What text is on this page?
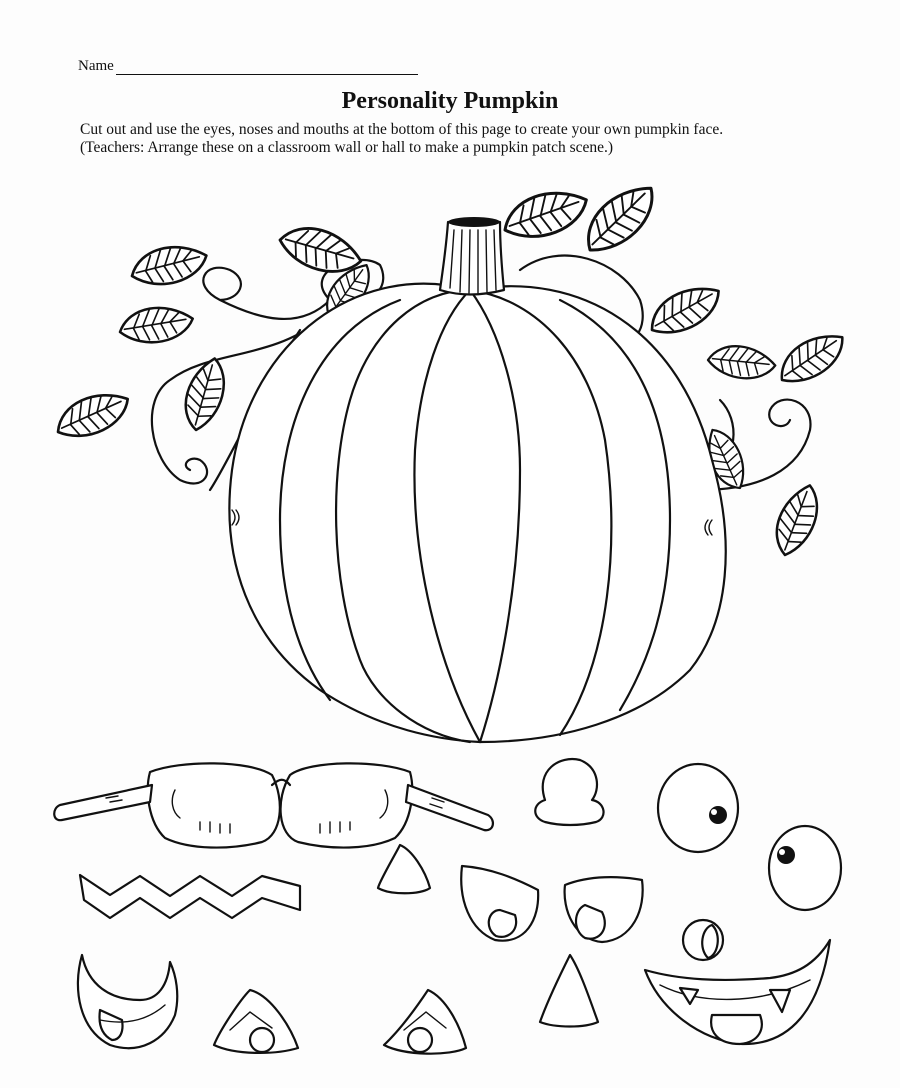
Name
Personality Pumpkin
Cut out and use the eyes, noses and mouths at the bottom of this page to create your own pumpkin face.
(Teachers: Arrange these on a classroom wall or hall to make a pumpkin patch scene.)
